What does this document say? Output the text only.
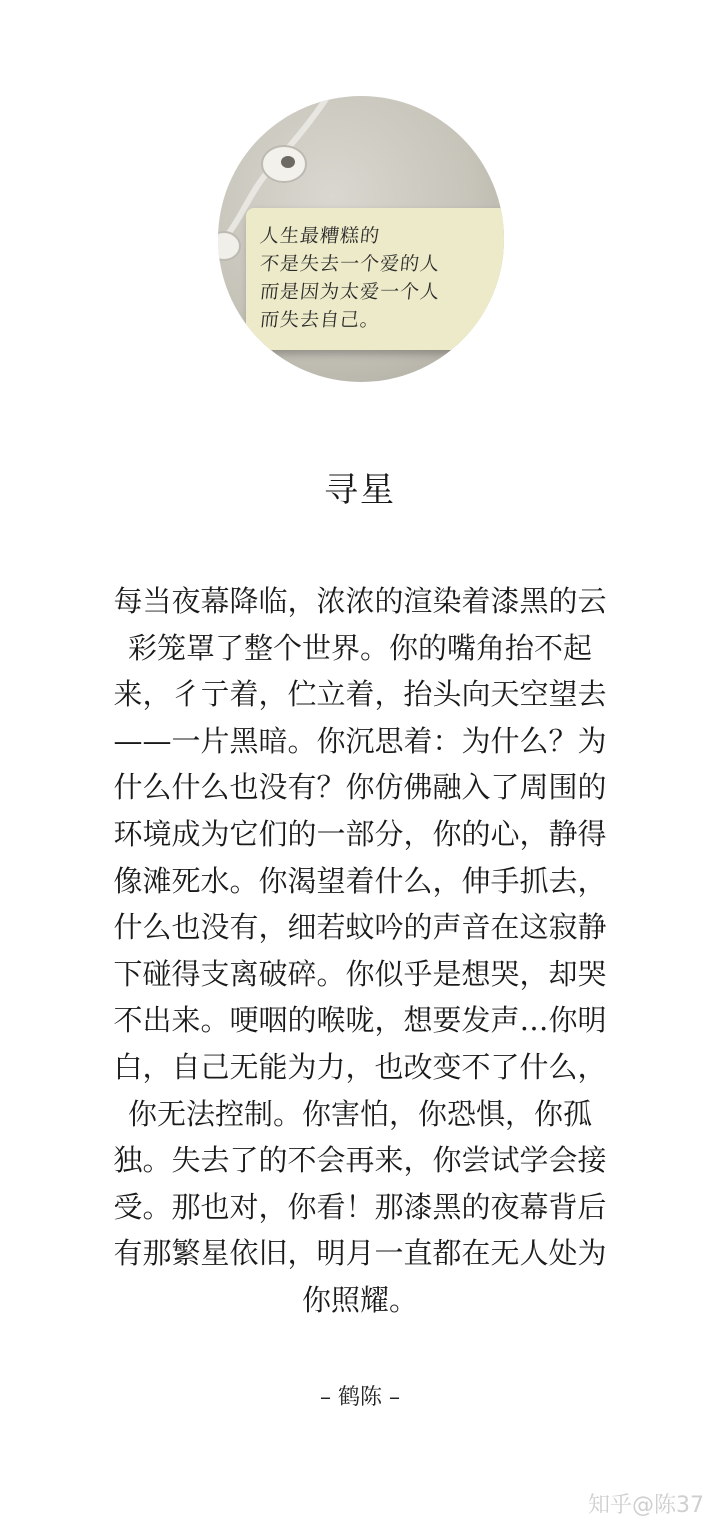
人生最糟糕的
不是失去一个爱的人
而是因为太爱一个人
而失去自己。
寻星
每当夜幕降临，浓浓的渲染着漆黑的云
彩笼罩了整个世界。你的嘴角抬不起
来，彳亍着，伫立着，抬头向天空望去
——一片黑暗。你沉思着：为什么？为
什么什么也没有？你仿佛融入了周围的
环境成为它们的一部分，你的心，静得
像滩死水。你渴望着什么，伸手抓去，
什么也没有，细若蚊吟的声音在这寂静
下碰得支离破碎。你似乎是想哭，却哭
不出来。哽咽的喉咙，想要发声…你明
白，自己无能为力，也改变不了什么，
你无法控制。你害怕，你恐惧，你孤
独。失去了的不会再来，你尝试学会接
受。那也对，你看！那漆黑的夜幕背后
有那繁星依旧，明月一直都在无人处为
你照耀。
– 鹤陈 –
知乎@陈37
